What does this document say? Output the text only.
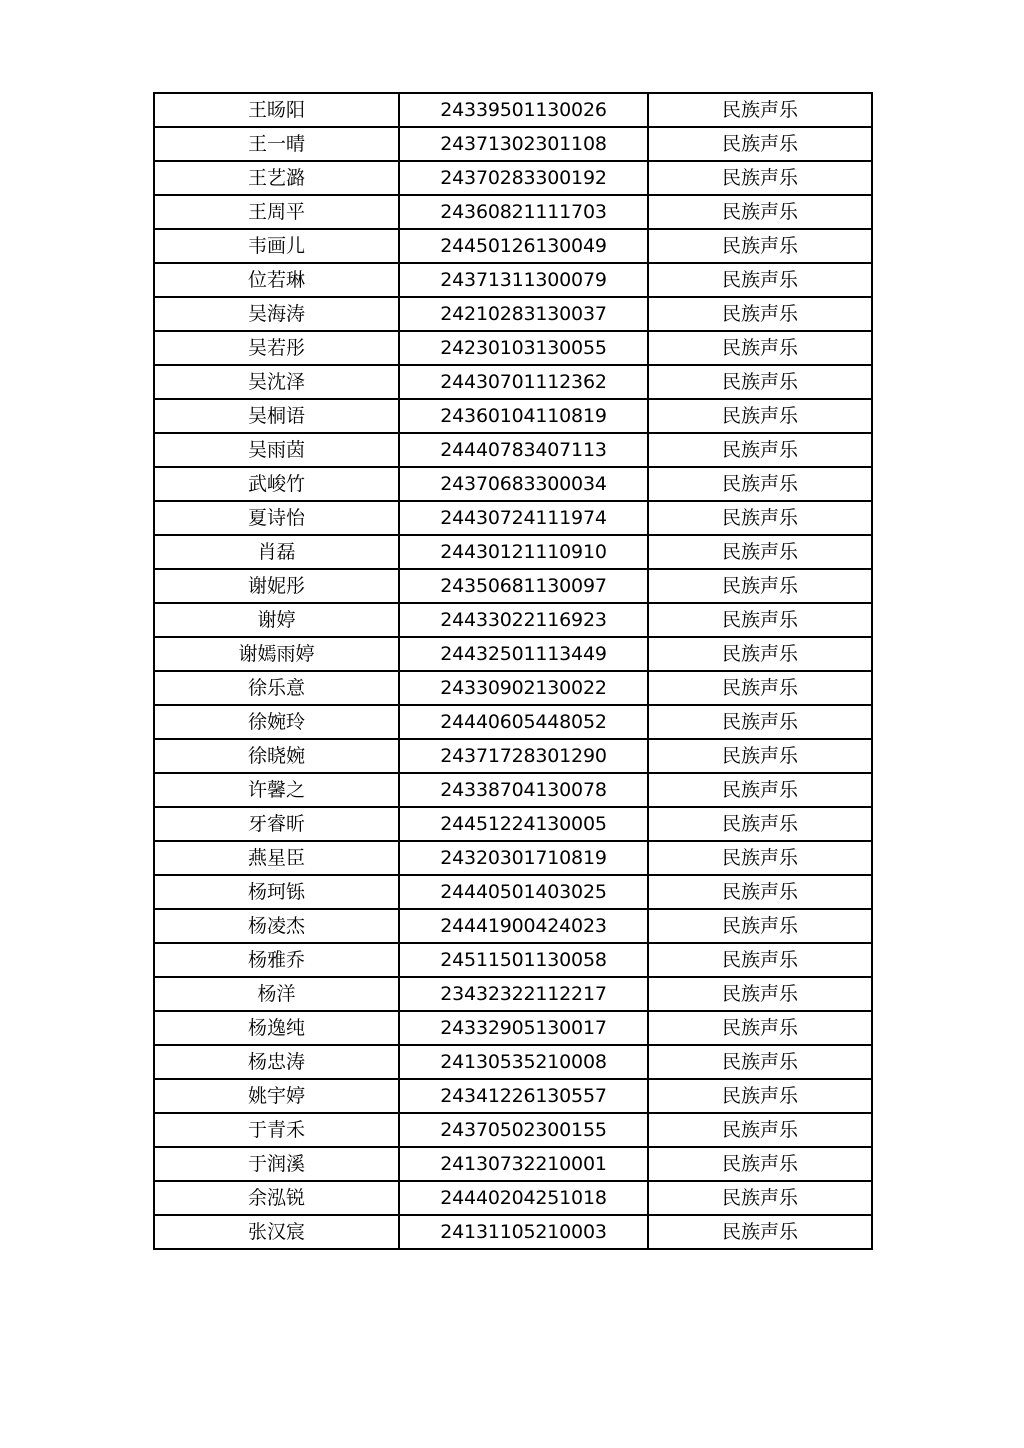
王旸阳	24339501130026	民族声乐
王一晴	24371302301108	民族声乐
王艺潞	24370283300192	民族声乐
王周平	24360821111703	民族声乐
韦画儿	24450126130049	民族声乐
位若琳	24371311300079	民族声乐
吴海涛	24210283130037	民族声乐
吴若彤	24230103130055	民族声乐
吴沈泽	24430701112362	民族声乐
吴桐语	24360104110819	民族声乐
吴雨茵	24440783407113	民族声乐
武峻竹	24370683300034	民族声乐
夏诗怡	24430724111974	民族声乐
肖磊	24430121110910	民族声乐
谢妮彤	24350681130097	民族声乐
谢婷	24433022116923	民族声乐
谢嫣雨婷	24432501113449	民族声乐
徐乐意	24330902130022	民族声乐
徐婉玲	24440605448052	民族声乐
徐晓婉	24371728301290	民族声乐
许馨之	24338704130078	民族声乐
牙睿昕	24451224130005	民族声乐
燕星臣	24320301710819	民族声乐
杨珂铄	24440501403025	民族声乐
杨凌杰	24441900424023	民族声乐
杨雅乔	24511501130058	民族声乐
杨洋	23432322112217	民族声乐
杨逸纯	24332905130017	民族声乐
杨忠涛	24130535210008	民族声乐
姚宇婷	24341226130557	民族声乐
于青禾	24370502300155	民族声乐
于润溪	24130732210001	民族声乐
余泓锐	24440204251018	民族声乐
张汉宸	24131105210003	民族声乐
